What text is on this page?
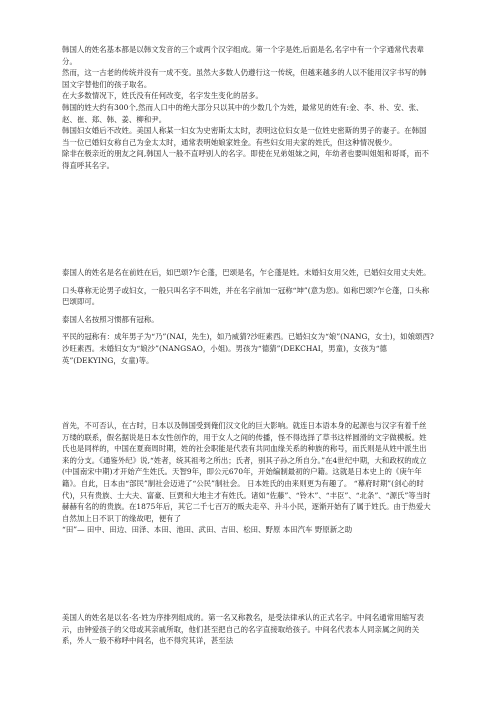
韩国人的姓名基本都是以韩文发音的三个或两个汉字组成。第一个字是姓,后面是名,名字中有一个字通常代表辈分。

然而，这一古老的传统并没有一成不变。虽然大多数人仍遵行这一传统，但越来越多的人以不能用汉字书写的韩国文字替他们的孩子取名。

在大多数情况下，姓氏没有任何改变，名字发生变化的居多。

韩国的姓大约有300个,然而人口中的绝大部分只以其中的少数几个为姓，最常见的姓有:金、李、朴、安、张、赵、崔、郑、韩、姜、柳和尹。

韩国妇女婚后不改姓。美国人称某一妇女为史密斯太太时，表明这位妇女是一位姓史密斯的男子的妻子。在韩国当一位已婚妇女称自己为金太太时，通常表明她娘家姓金。有些妇女用夫家的姓氏，但这种情况极少。

除非在极亲近的朋友之间,韩国人一般不直呼别人的名字。即使在兄弟姐妹之间，年幼者也要叫姐姐和哥哥，而不得直呼其名字。

泰国人的姓名是名在前姓在后，如巴颂?乍仑蓬，巴颂是名，乍仑蓬是姓。未婚妇女用父姓，已婚妇女用丈夫姓。

口头尊称无论男子或妇女，一般只叫名字不叫姓，并在名字前加一冠称“坤”(意为您)。如称巴颂?乍仑蓬，口头称巴颂即可。

泰国人名按照习惯都有冠称。

平民的冠称有：成年男子为“乃”(NAI，先生)，如乃威猜?沙旺素西。已婚妇女为“娘”(NANG，女士)，如娘颂西?沙旺素西。未婚妇女为“娘沙”(NANGSAO，小姐)。男孩为“德猜”(DEKCHAI，男童)，女孩为“德英”(DEKYING，女童)等。

首先，不可否认，在古时，日本以及韩国受到俺们汉文化的巨大影响。就连日本语本身的起源也与汉字有着千丝万缕的联系，假名据说是日本女性创作的，用于女人之间的传播，怪不得选择了草书这样圆滑的文字做模板。姓氏也是同样的，中国在夏商周时期，姓的社会职能是代表有共同血缘关系的种族的称号，而氏则是从姓中派生出来的分支。《通鉴外纪》说,“姓者，统其祖考之所出；氏者，别其子孙之所自分。”在4世纪中期，大和政权的成立(中国南宋中期)才开始产生姓氏。天智9年，即公元670年，开始编制最初的户籍。这就是日本史上的《庚午年籍》。自此，日本由“部民”制社会迈进了“公民”制社会。 日本姓氏的由来则更为有趣了。 “幕府时期”(剑心的时代)，只有贵族、士大夫、富豪、巨贾和大地主才有姓氏。诸如“佐藤”、“铃木”、“丰臣”、“北条”、“源氏”等当时赫赫有名的的贵族。在1875年后，其它二千七百万的贩夫走卒、升斗小民，逐渐开始有了属于姓氏。由于热爱大自然加上日不识丁的缘故吧，便有了

“田”— 田中、田边、田泽、本田、池田、武田、吉田、松田、野原 本田汽车 野原新之助

美国人的姓名是以名·名·姓为序排列组成的。第一名又称教名，是受法律承认的正式名字。中间名通常用缩写表示，由钟爱孩子的父母或其亲戚所取，他们甚至把自己的名字直接取给孩子。中间名代表本人同亲属之间的关系，外人一般不称呼中间名，也不得究其详，甚至法
